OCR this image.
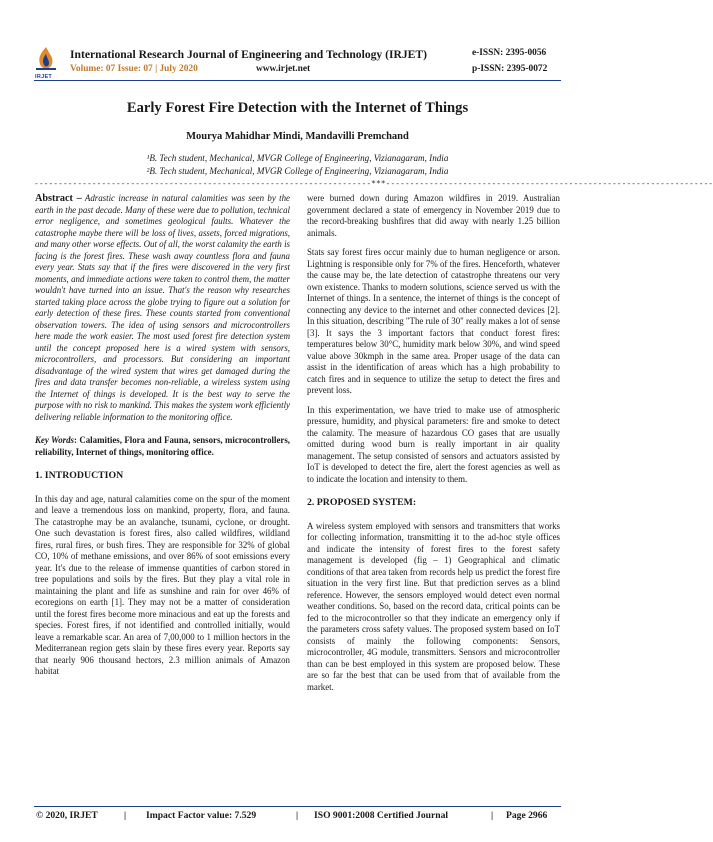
IRJET
International Research Journal of Engineering and Technology (IRJET)
Volume: 07 Issue: 07 | July 2020	www.irjet.net
e-ISSN: 2395-0056
p-ISSN: 2395-0072
Early Forest Fire Detection with the Internet of Things
Mourya Mahidhar Mindi, Mandavilli Premchand
¹B. Tech student, Mechanical, MVGR College of Engineering, Vizianagaram, India
²B. Tech student, Mechanical, MVGR College of Engineering, Vizianagaram, India
----------------------------------------------------------------------***--------------------------------------------------------------------

Abstract – Adrastic increase in natural calamities was seen by the earth in the past decade. Many of these were due to pollution, technical error negligence, and sometimes geological faults. Whatever the catastrophe maybe there will be loss of lives, assets, forced migrations, and many other worse effects. Out of all, the worst calamity the earth is facing is the forest fires. These wash away countless flora and fauna every year. Stats say that if the fires were discovered in the very first moments, and immediate actions were taken to control them, the matter wouldn't have turned into an issue. That's the reason why researches started taking place across the globe trying to figure out a solution for early detection of these fires. These counts started from conventional observation towers. The idea of using sensors and microcontrollers here made the work easier. The most used forest fire detection system until the concept proposed here is a wired system with sensors, microcontrollers, and processors. But considering an important disadvantage of the wired system that wires get damaged during the fires and data transfer becomes non-reliable, a wireless system using the Internet of things is developed. It is the best way to serve the purpose with no risk to mankind. This makes the system work efficiently delivering reliable information to the monitoring office.

Key Words: Calamities, Flora and Fauna, sensors, microcontrollers, reliability, Internet of things, monitoring office.

1. INTRODUCTION

In this day and age, natural calamities come on the spur of the moment and leave a tremendous loss on mankind, property, flora, and fauna. The catastrophe may be an avalanche, tsunami, cyclone, or drought. One such devastation is forest fires, also called wildfires, wildland fires, rural fires, or bush fires. They are responsible for 32% of global CO, 10% of methane emissions, and over 86% of soot emissions every year. It's due to the release of immense quantities of carbon stored in tree populations and soils by the fires. But they play a vital role in maintaining the plant and life as sunshine and rain for over 46% of ecoregions on earth [1]. They may not be a matter of consideration until the forest fires become more minacious and eat up the forests and species. Forest fires, if not identified and controlled initially, would leave a remarkable scar. An area of 7,00,000 to 1 million hectors in the Mediterranean region gets slain by these fires every year. Reports say that nearly 906 thousand hectors, 2.3 million animals of Amazon habitat

were burned down during Amazon wildfires in 2019. Australian government declared a state of emergency in November 2019 due to the record-breaking bushfires that did away with nearly 1.25 billion animals.

Stats say forest fires occur mainly due to human negligence or arson. Lightning is responsible only for 7% of the fires. Henceforth, whatever the cause may be, the late detection of catastrophe threatens our very own existence. Thanks to modern solutions, science served us with the Internet of things. In a sentence, the internet of things is the concept of connecting any device to the internet and other connected devices [2]. In this situation, describing "The rule of 30" really makes a lot of sense [3]. It says the 3 important factors that conduct forest fires: temperatures below 30°C, humidity mark below 30%, and wind speed value above 30kmph in the same area. Proper usage of the data can assist in the identification of areas which has a high probability to catch fires and in sequence to utilize the setup to detect the fires and prevent loss.

In this experimentation, we have tried to make use of atmospheric pressure, humidity, and physical parameters: fire and smoke to detect the calamity. The measure of hazardous CO gases that are usually omitted during wood burn is really important in air quality management. The setup consisted of sensors and actuators assisted by IoT is developed to detect the fire, alert the forest agencies as well as to indicate the location and intensity to them.

2. PROPOSED SYSTEM:

A wireless system employed with sensors and transmitters that works for collecting information, transmitting it to the ad-hoc style offices and indicate the intensity of forest fires to the forest safety management is developed (fig – 1) Geographical and climatic conditions of that area taken from records help us predict the forest fire situation in the very first line. But that prediction serves as a blind reference. However, the sensors employed would detect even normal weather conditions. So, based on the record data, critical points can be fed to the microcontroller so that they indicate an emergency only if the parameters cross safety values. The proposed system based on IoT consists of mainly the following components: Sensors, microcontroller, 4G module, transmitters. Sensors and microcontroller than can be best employed in this system are proposed below. These are so far the best that can be used from that of available from the market.

© 2020, IRJET	| Impact Factor value: 7.529	| ISO 9001:2008 Certified Journal	| Page 2966
